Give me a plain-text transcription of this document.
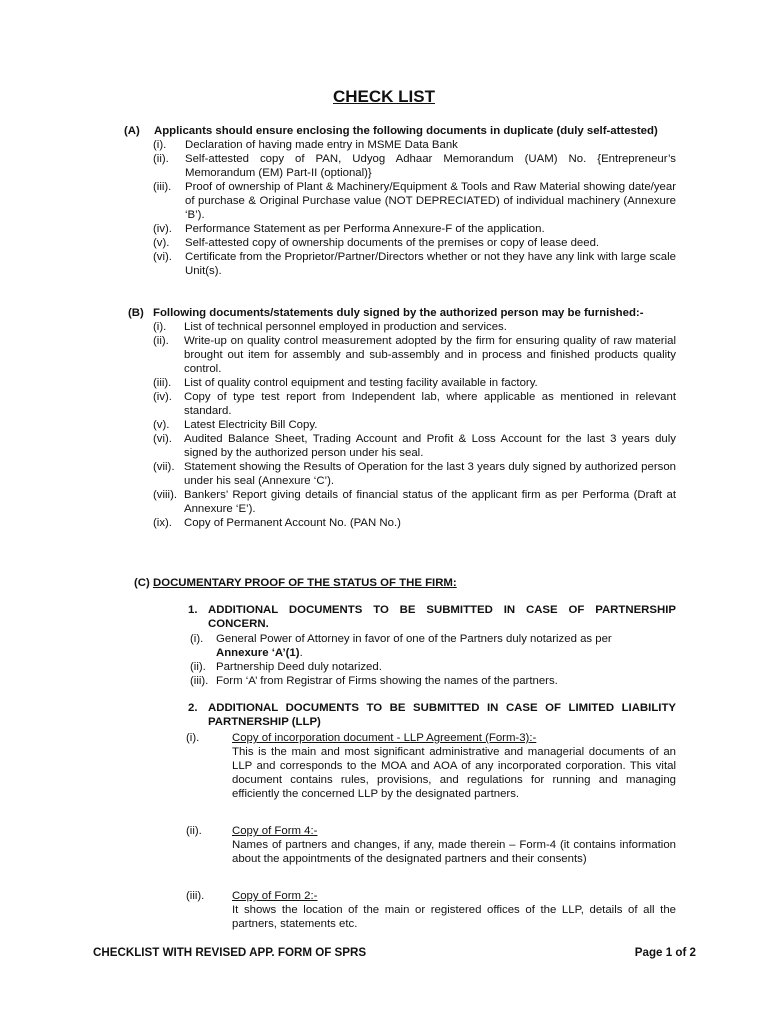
CHECK LIST
(A)	Applicants should ensure enclosing the following documents in duplicate (duly self-attested)
(i).	Declaration of having made entry in MSME Data Bank
(ii).	Self-attested copy of PAN, Udyog Adhaar Memorandum (UAM) No. {Entrepreneur’s Memorandum (EM) Part-II (optional)}
(iii).	Proof of ownership of Plant & Machinery/Equipment & Tools and Raw Material showing date/year of purchase & Original Purchase value (NOT DEPRECIATED) of individual machinery (Annexure ‘B’).
(iv).	Performance Statement as per Performa Annexure-F of the application.
(v).	Self-attested copy of ownership documents of the premises or copy of lease deed.
(vi).	Certificate from the Proprietor/Partner/Directors whether or not they have any link with large scale Unit(s).
(B) Following documents/statements duly signed by the authorized person may be furnished:-
(i).	List of technical personnel employed in production and services.
(ii).	Write-up on quality control measurement adopted by the firm for ensuring quality of raw material brought out item for assembly and sub-assembly and in process and finished products quality control.
(iii).	List of quality control equipment and testing facility available in factory.
(iv).	Copy of type test report from Independent lab, where applicable as mentioned in relevant standard.
(v).	Latest Electricity Bill Copy.
(vi).	Audited Balance Sheet, Trading Account and Profit & Loss Account for the last 3 years duly signed by the authorized person under his seal.
(vii). Statement showing the Results of Operation for the last 3 years duly signed by authorized person under his seal (Annexure ‘C’).
(viii). Bankers’ Report giving details of financial status of the applicant firm as per Performa (Draft at Annexure ‘E’).
(ix).	Copy of Permanent Account No. (PAN No.)
(C) DOCUMENTARY PROOF OF THE STATUS OF THE FIRM:
1. ADDITIONAL DOCUMENTS TO BE SUBMITTED IN CASE OF PARTNERSHIP CONCERN.
(i).	General Power of Attorney in favor of one of the Partners duly notarized as per
Annexure ‘A’(1).
(ii). Partnership Deed duly notarized.
(iii). Form ‘A’ from Registrar of Firms showing the names of the partners.
2. ADDITIONAL DOCUMENTS TO BE SUBMITTED IN CASE OF LIMITED LIABILITY PARTNERSHIP (LLP)
(i).	Copy of incorporation document - LLP Agreement (Form-3):-
This is the main and most significant administrative and managerial documents of an LLP and corresponds to the MOA and AOA of any incorporated corporation. This vital document contains rules, provisions, and regulations for running and managing efficiently the concerned LLP by the designated partners.
(ii).	Copy of Form 4:-
Names of partners and changes, if any, made therein – Form-4 (it contains information about the appointments of the designated partners and their consents)
(iii).	Copy of Form 2:-
It shows the location of the main or registered offices of the LLP, details of all the partners, statements etc.
CHECKLIST WITH REVISED APP. FORM OF SPRS	Page 1 of 2
